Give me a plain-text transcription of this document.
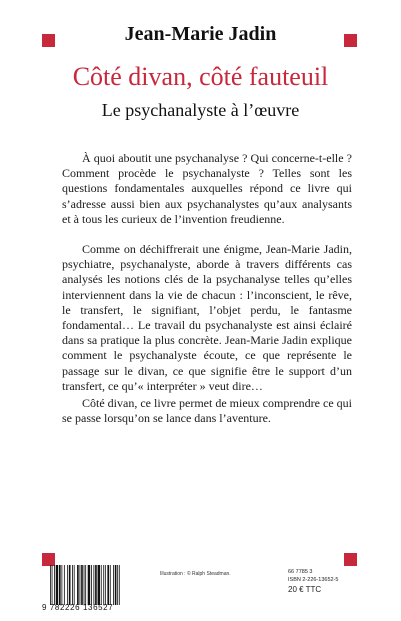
Jean-Marie Jadin
Côté divan, côté fauteuil
Le psychanalyste à l’œuvre

À quoi aboutit une psychanalyse ? Qui concerne-t-elle ? Comment procède le psychanalyste ? Telles sont les questions fondamentales auxquelles répond ce livre qui s’adresse aussi bien aux psychanalystes qu’aux analysants et à tous les curieux de l’invention freudienne.

Comme on déchiffrerait une énigme, Jean-Marie Jadin, psychiatre, psychanalyste, aborde à travers différents cas analysés les notions clés de la psychanalyse telles qu’elles interviennent dans la vie de chacun : l’inconscient, le rêve, le transfert, le signifiant, l’objet perdu, le fantasme fondamental… Le travail du psychanalyste est ainsi éclairé dans sa pratique la plus concrète. Jean-Marie Jadin explique comment le psychanalyste écoute, ce que représente le passage sur le divan, ce que signifie être le support d’un transfert, ce qu’« interpréter » veut dire…

Côté divan, ce livre permet de mieux comprendre ce qui se passe lorsqu’on se lance dans l’aventure.

9 782226 136527
Illustration : © Ralph Steadman.	66 7785 3
ISBN 2-226-13652-5
20 € TTC
